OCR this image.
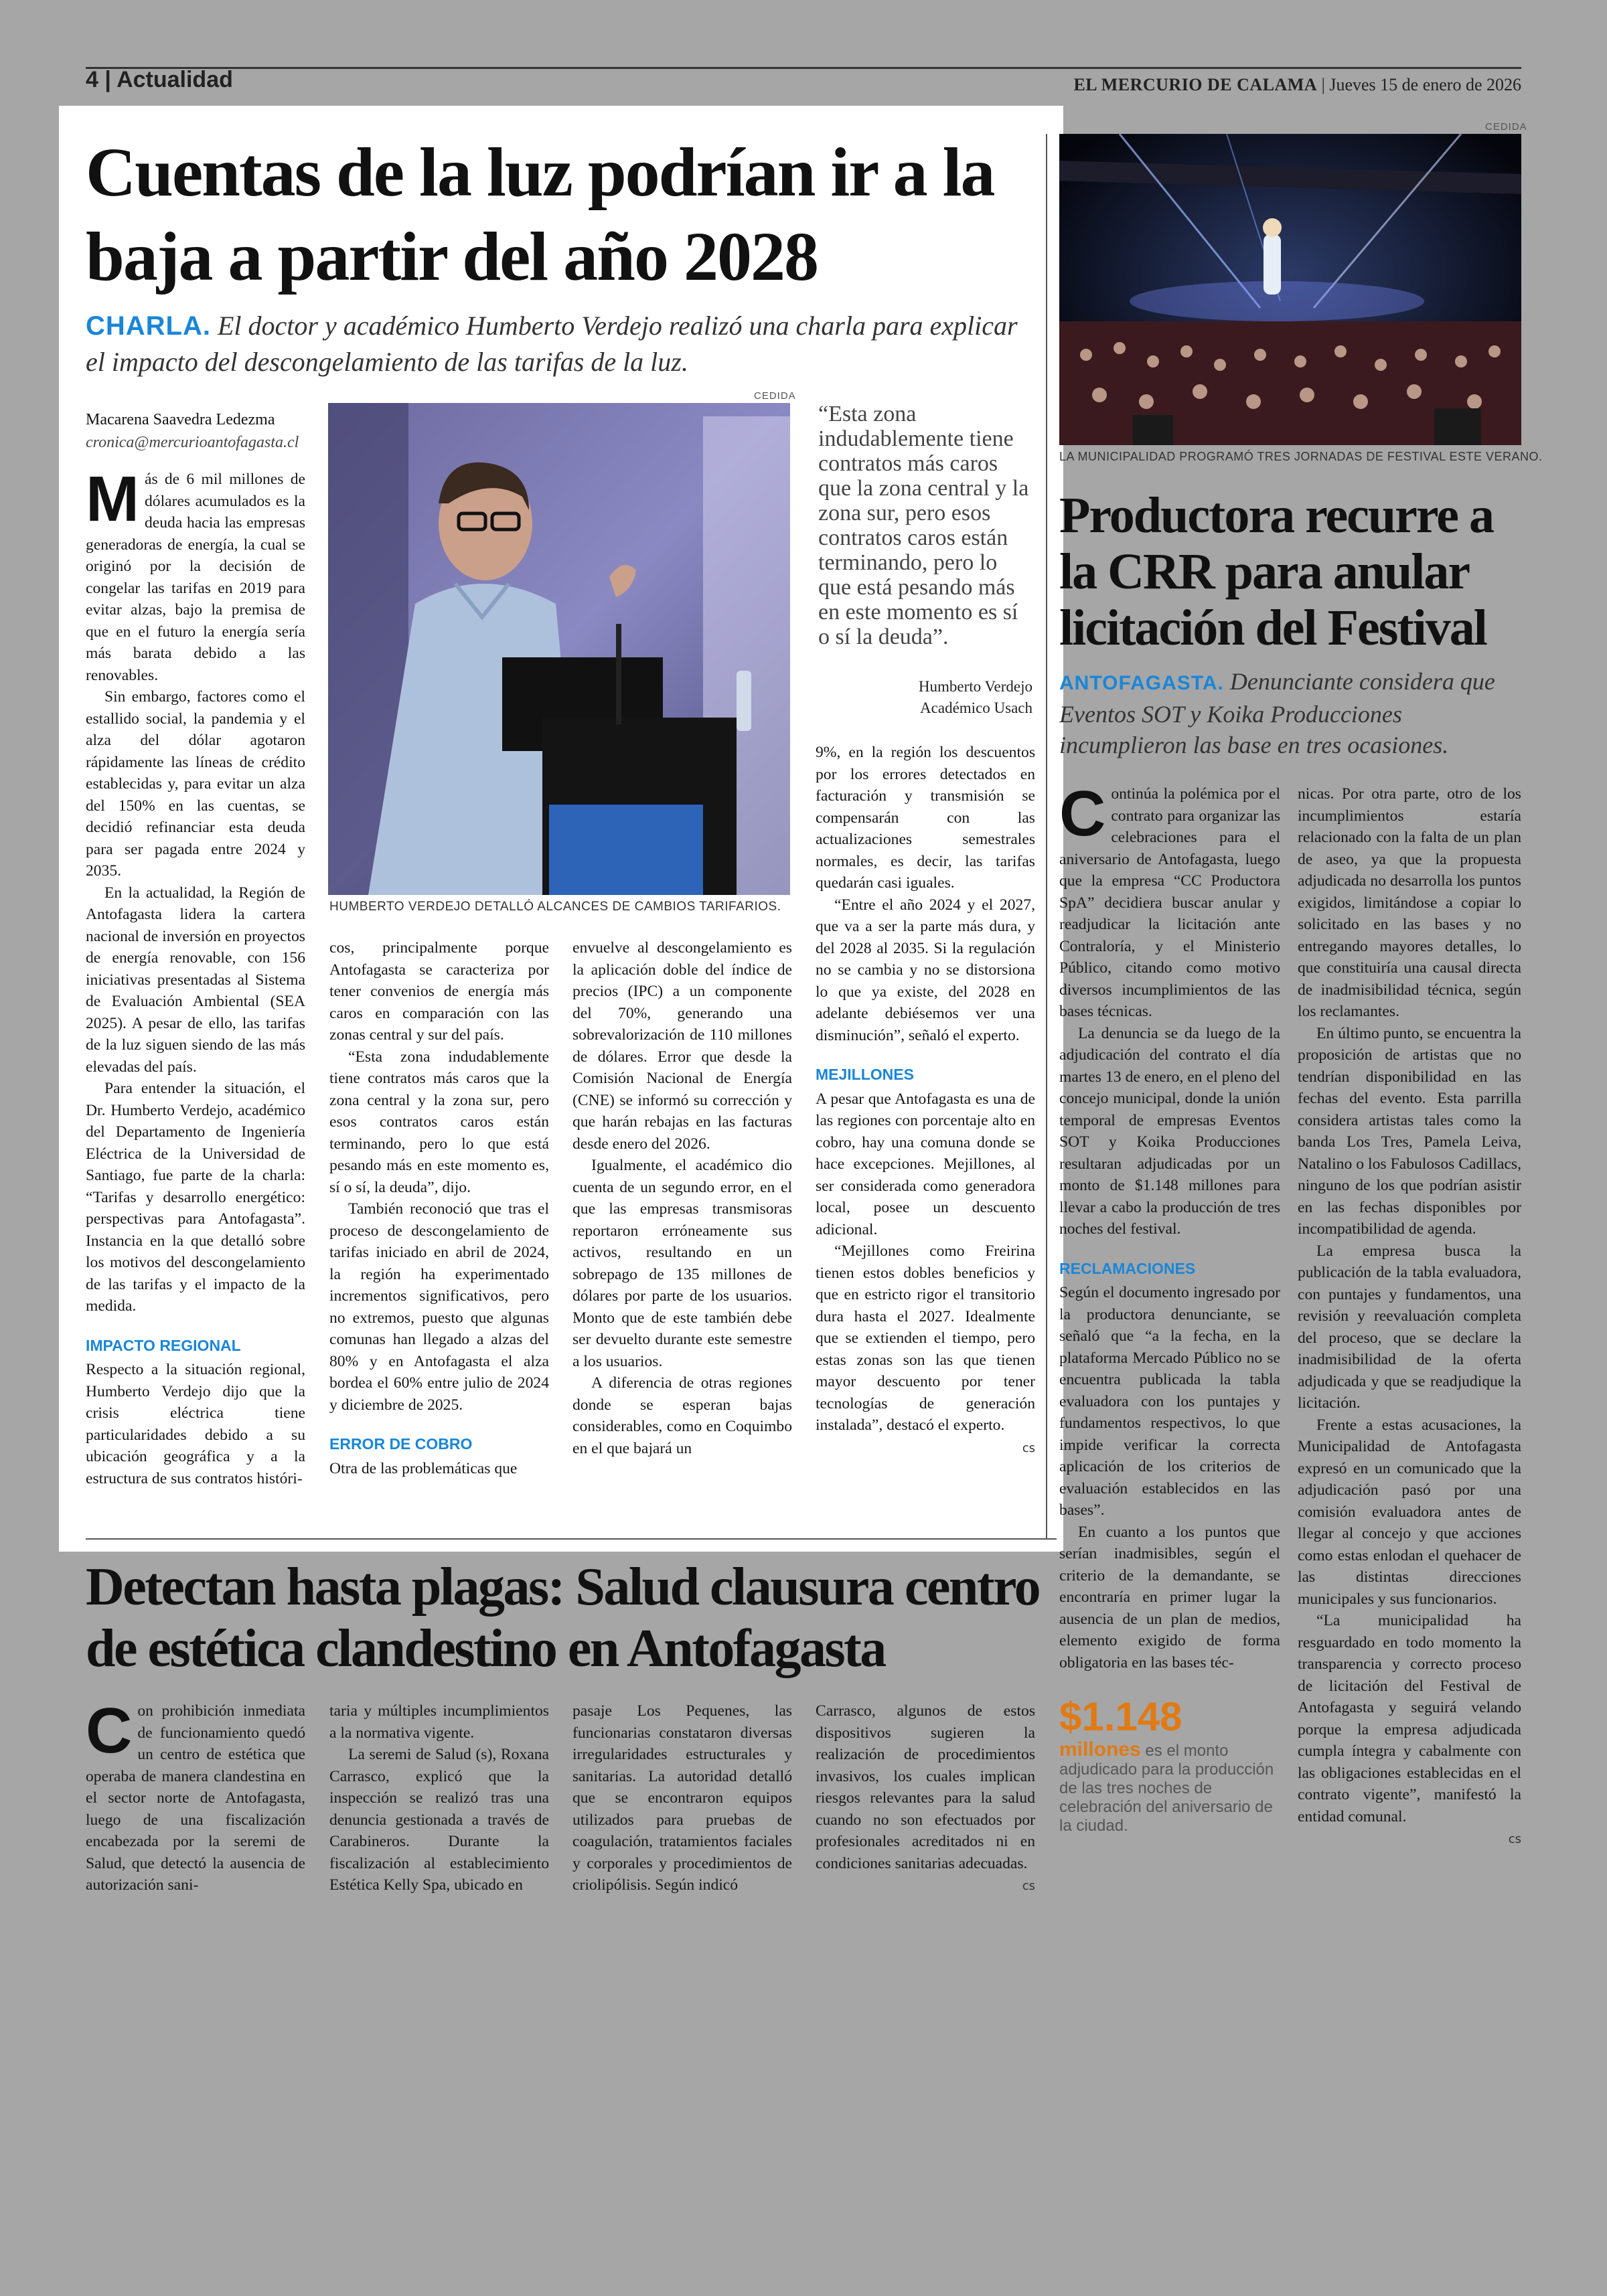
4 | Actualidad	EL MERCURIO DE CALAMA | Jueves 15 de enero de 2026
Cuentas de la luz podrían ir a la baja a partir del año 2028
CHARLA. El doctor y académico Humberto Verdejo realizó una charla para explicar el impacto del descongelamiento de las tarifas de la luz.
Macarena Saavedra Ledezma
cronica@mercurioantofagasta.cl

Más de 6 mil millones de dólares acumulados es la deuda hacia las empresas generadoras de energía, la cual se originó por la decisión de congelar las tarifas en 2019 para evitar alzas, bajo la premisa de que en el futuro la energía sería más barata debido a las renovables.

Sin embargo, factores como el estallido social, la pandemia y el alza del dólar agotaron rápidamente las líneas de crédito establecidas y, para evitar un alza del 150% en las cuentas, se decidió refinanciar esta deuda para ser pagada entre 2024 y 2035.

En la actualidad, la Región de Antofagasta lidera la cartera nacional de inversión en proyectos de energía renovable, con 156 iniciativas presentadas al Sistema de Evaluación Ambiental (SEA 2025). A pesar de ello, las tarifas de la luz siguen siendo de las más elevadas del país.

Para entender la situación, el Dr. Humberto Verdejo, académico del Departamento de Ingeniería Eléctrica de la Universidad de Santiago, fue parte de la charla: “Tarifas y desarrollo energético: perspectivas para Antofagasta”. Instancia en la que detalló sobre los motivos del descongelamiento de las tarifas y el impacto de la medida.

IMPACTO REGIONAL

Respecto a la situación regional, Humberto Verdejo dijo que la crisis eléctrica tiene particularidades debido a su ubicación geográfica y a la estructura de sus contratos históri-

CEDIDA
HUMBERTO VERDEJO DETALLÓ ALCANCES DE CAMBIOS TARIFARIOS.

cos, principalmente porque Antofagasta se caracteriza por tener convenios de energía más caros en comparación con las zonas central y sur del país.

“Esta zona indudablemente tiene contratos más caros que la zona central y la zona sur, pero esos contratos caros están terminando, pero lo que está pesando más en este momento es, sí o sí, la deuda”, dijo.

También reconoció que tras el proceso de descongelamiento de tarifas iniciado en abril de 2024, la región ha experimentado incrementos significativos, pero no extremos, puesto que algunas comunas han llegado a alzas del 80% y en Antofagasta el alza bordea el 60% entre julio de 2024 y diciembre de 2025.

ERROR DE COBRO

Otra de las problemáticas que

envuelve al descongelamiento es la aplicación doble del índice de precios (IPC) a un componente del 70%, generando una sobrevalorización de 110 millones de dólares. Error que desde la Comisión Nacional de Energía (CNE) se informó su corrección y que harán rebajas en las facturas desde enero del 2026.

Igualmente, el académico dio cuenta de un segundo error, en el que las empresas transmisoras reportaron erróneamente sus activos, resultando en un sobrepago de 135 millones de dólares por parte de los usuarios. Monto que de este también debe ser devuelto durante este semestre a los usuarios.

A diferencia de otras regiones donde se esperan bajas considerables, como en Coquimbo en el que bajará un

“Esta zona indudablemente tiene contratos más caros que la zona central y la zona sur, pero esos contratos caros están terminando, pero lo que está pesando más en este momento es sí o sí la deuda”.
Humberto Verdejo
Académico Usach

9%, en la región los descuentos por los errores detectados en facturación y transmisión se compensarán con las actualizaciones semestrales normales, es decir, las tarifas quedarán casi iguales.

“Entre el año 2024 y el 2027, que va a ser la parte más dura, y del 2028 al 2035. Si la regulación no se cambia y no se distorsiona lo que ya existe, del 2028 en adelante debiésemos ver una disminución”, señaló el experto.

MEJILLONES

A pesar que Antofagasta es una de las regiones con porcentaje alto en cobro, hay una comuna donde se hace excepciones. Mejillones, al ser considerada como generadora local, posee un descuento adicional.

“Mejillones como Freirina tienen estos dobles beneficios y que en estricto rigor el transitorio dura hasta el 2027. Idealmente que se extienden el tiempo, pero estas zonas son las que tienen mayor descuento por tener tecnologías de generación instalada”, destacó el experto.

cs
CEDIDA
LA MUNICIPALIDAD PROGRAMÓ TRES JORNADAS DE FESTIVAL ESTE VERANO.
Productora recurre a la CRR para anular licitación del Festival
ANTOFAGASTA. Denunciante considera que Eventos SOT y Koika Producciones incumplieron las base en tres ocasiones.

Continúa la polémica por el contrato para organizar las celebraciones para el aniversario de Antofagasta, luego que la empresa “CC Productora SpA” decidiera buscar anular y readjudicar la licitación ante Contraloría, y el Ministerio Público, citando como motivo diversos incumplimientos de las bases técnicas.

La denuncia se da luego de la adjudicación del contrato el día martes 13 de enero, en el pleno del concejo municipal, donde la unión temporal de empresas Eventos SOT y Koika Producciones resultaran adjudicadas por un monto de $1.148 millones para llevar a cabo la producción de tres noches del festival.

RECLAMACIONES

Según el documento ingresado por la productora denunciante, se señaló que “a la fecha, en la plataforma Mercado Público no se encuentra publicada la tabla evaluadora con los puntajes y fundamentos respectivos, lo que impide verificar la correcta aplicación de los criterios de evaluación establecidos en las bases”.

En cuanto a los puntos que serían inadmisibles, según el criterio de la demandante, se encontraría en primer lugar la ausencia de un plan de medios, elemento exigido de forma obligatoria en las bases téc-

$1.148
millones es el monto adjudicado para la producción de las tres noches de celebración del aniversario de la ciudad.

nicas. Por otra parte, otro de los incumplimientos estaría relacionado con la falta de un plan de aseo, ya que la propuesta adjudicada no desarrolla los puntos exigidos, limitándose a copiar lo solicitado en las bases y no entregando mayores detalles, lo que constituiría una causal directa de inadmisibilidad técnica, según los reclamantes.

En último punto, se encuentra la proposición de artistas que no tendrían disponibilidad en las fechas del evento. Esta parrilla considera artistas tales como la banda Los Tres, Pamela Leiva, Natalino o los Fabulosos Cadillacs, ninguno de los que podrían asistir en las fechas disponibles por incompatibilidad de agenda.

La empresa busca la publicación de la tabla evaluadora, con puntajes y fundamentos, una revisión y reevaluación completa del proceso, que se declare la inadmisibilidad de la oferta adjudicada y que se readjudique la licitación.

Frente a estas acusaciones, la Municipalidad de Antofagasta expresó en un comunicado que la adjudicación pasó por una comisión evaluadora antes de llegar al concejo y que acciones como estas enlodan el quehacer de las distintas direcciones municipales y sus funcionarios.

“La municipalidad ha resguardado en todo momento la transparencia y correcto proceso de licitación del Festival de Antofagasta y seguirá velando porque la empresa adjudicada cumpla íntegra y cabalmente con las obligaciones establecidas en el contrato vigente”, manifestó la entidad comunal.

cs
Detectan hasta plagas: Salud clausura centro de estética clandestino en Antofagasta

Con prohibición inmediata de funcionamiento quedó un centro de estética que operaba de manera clandestina en el sector norte de Antofagasta, luego de una fiscalización encabezada por la seremi de Salud, que detectó la ausencia de autorización sani-

taria y múltiples incumplimientos a la normativa vigente.

La seremi de Salud (s), Roxana Carrasco, explicó que la inspección se realizó tras una denuncia gestionada a través de Carabineros. Durante la fiscalización al establecimiento Estética Kelly Spa, ubicado en

pasaje Los Pequenes, las funcionarias constataron diversas irregularidades estructurales y sanitarias. La autoridad detalló que se encontraron equipos utilizados para pruebas de coagulación, tratamientos faciales y corporales y procedimientos de criolipólisis. Según indicó

Carrasco, algunos de estos dispositivos sugieren la realización de procedimientos invasivos, los cuales implican riesgos relevantes para la salud cuando no son efectuados por profesionales acreditados ni en condiciones sanitarias adecuadas.

cs
